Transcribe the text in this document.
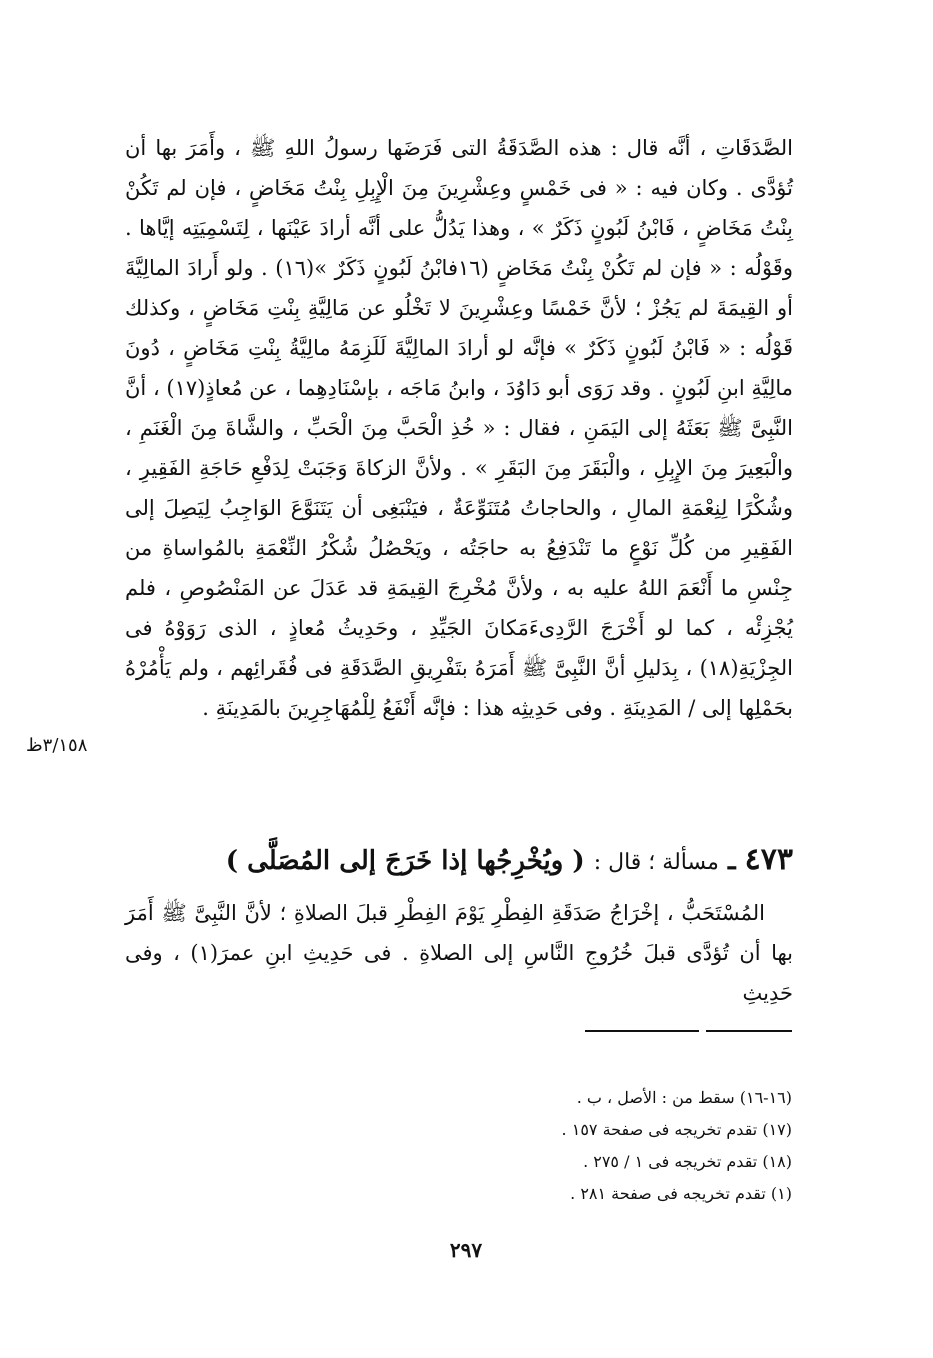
الصَّدَقَاتِ ، أنَّه قال : هذه الصَّدَقَةُ التى فَرَضَها رسولُ اللهِ ﷺ ، وأَمَرَ بها أن تُؤدَّى . وكان فيه : « فى خَمْسٍ وعِشْرِينَ مِنَ الْإِبِلِ بِنْتُ مَخَاضٍ ، فإن لم تَكُنْ بِنْتُ مَخَاضٍ ، فَابْنُ لَبُونٍ ذَكَرٌ » ، وهذا يَدُلُّ على أنَّه أرادَ عَيْنَها ، لِتَسْمِيَتِه إيَّاها . وقَوْلُه : « فإن لم تَكُنْ بِنْتُ مَخَاضٍ (١٦فابْنُ لَبُونٍ ذَكَرٌ »(١٦) . ولو أَرادَ المالِيَّةَ أو القِيمَةَ لم يَجُزْ ؛ لأنَّ خَمْسًا وعِشْرِينَ لا تَخْلُو عن مَالِيَّةِ بِنْتِ مَخَاضٍ ، وكذلك قَوْلُه : « فَابْنُ لَبُونٍ ذَكَرٌ » فإنَّه لو أرادَ المالِيَّةَ لَلَزِمَهُ مالِيَّةُ بِنْتِ مَخَاضٍ ، دُونَ مالِيَّةِ ابنِ لَبُونٍ . وقد رَوَى أبو دَاوُدَ ، وابنُ مَاجَه ، بإسْنَادِهِما ، عن مُعاذٍ(١٧) ، أنَّ النَّبِىَّ ﷺ بَعَثَهُ إلى اليَمَنِ ، فقال : « خُذِ الْحَبَّ مِنَ الْحَبِّ ، والشَّاةَ مِنَ الْغَنَمِ ، والْبَعِيرَ مِنَ الإِبِلِ ، والْبَقَرَ مِنَ البَقَرِ » . ولأنَّ الزكاةَ وَجَبَتْ لِدَفْعِ حَاجَةِ الفَقِيرِ ، وشُكْرًا لِنِعْمَةِ المالِ ، والحاجاتُ مُتَنَوِّعَةٌ ، فيَنْبَغِى أن يَتَنَوَّعَ الوَاجِبُ لِيَصِلَ إلى الفَقِيرِ من كُلِّ نَوْعٍ ما تَنْدَفِعُ به حاجَتُه ، ويَحْصُلُ شُكْرُ النِّعْمَةِ بالمُواساةِ من جِنْسِ ما أَنْعَمَ اللهُ عليه به ، ولأنَّ مُخْرِجَ القِيمَةِ قد عَدَلَ عن المَنْصُوصِ ، فلم يُجْزِئْه ، كما لو أَخْرَجَ الرَّدِىءَمَكانَ الجَيِّدِ ، وحَدِيثُ مُعاذٍ ، الذى رَوَوْهُ فى الجِزْيَةِ(١٨) ، بِدَليلِ أنَّ النَّبِىَّ ﷺ أَمَرَهُ بتَفْرِيقِ الصَّدَقَةِ فى فُقَرائِهم ، ولم يَأْمُرْهُ بحَمْلِها إلى / المَدِينَةِ . وفى حَدِيثِه هذا : فإنَّه أَنْفَعُ لِلْمُهَاجِرِينَ بالمَدِينَةِ .

٣/١٥٨ظ
٤٧٣ ـ مسألة ؛ قال : ( ويُخْرِجُها إذا خَرَجَ إلى المُصَلَّى )

المُسْتَحَبُّ ، إخْرَاجُ صَدَقَةِ الفِطْرِ يَوْمَ الفِطْرِ قبلَ الصلاةِ ؛ لأنَّ النَّبِىَّ ﷺ أَمَرَ بها أن تُؤدَّى قبلَ خُرُوجِ النَّاسِ إلى الصلاةِ . فى حَدِيثِ ابنِ عمرَ(١) ، وفى حَدِيثِ

(١٦-١٦) سقط من : الأصل ، ب .
(١٧) تقدم تخريجه فى صفحة ١٥٧ .
(١٨) تقدم تخريجه فى ١ / ٢٧٥ .
(١) تقدم تخريجه فى صفحة ٢٨١ .
٢٩٧
